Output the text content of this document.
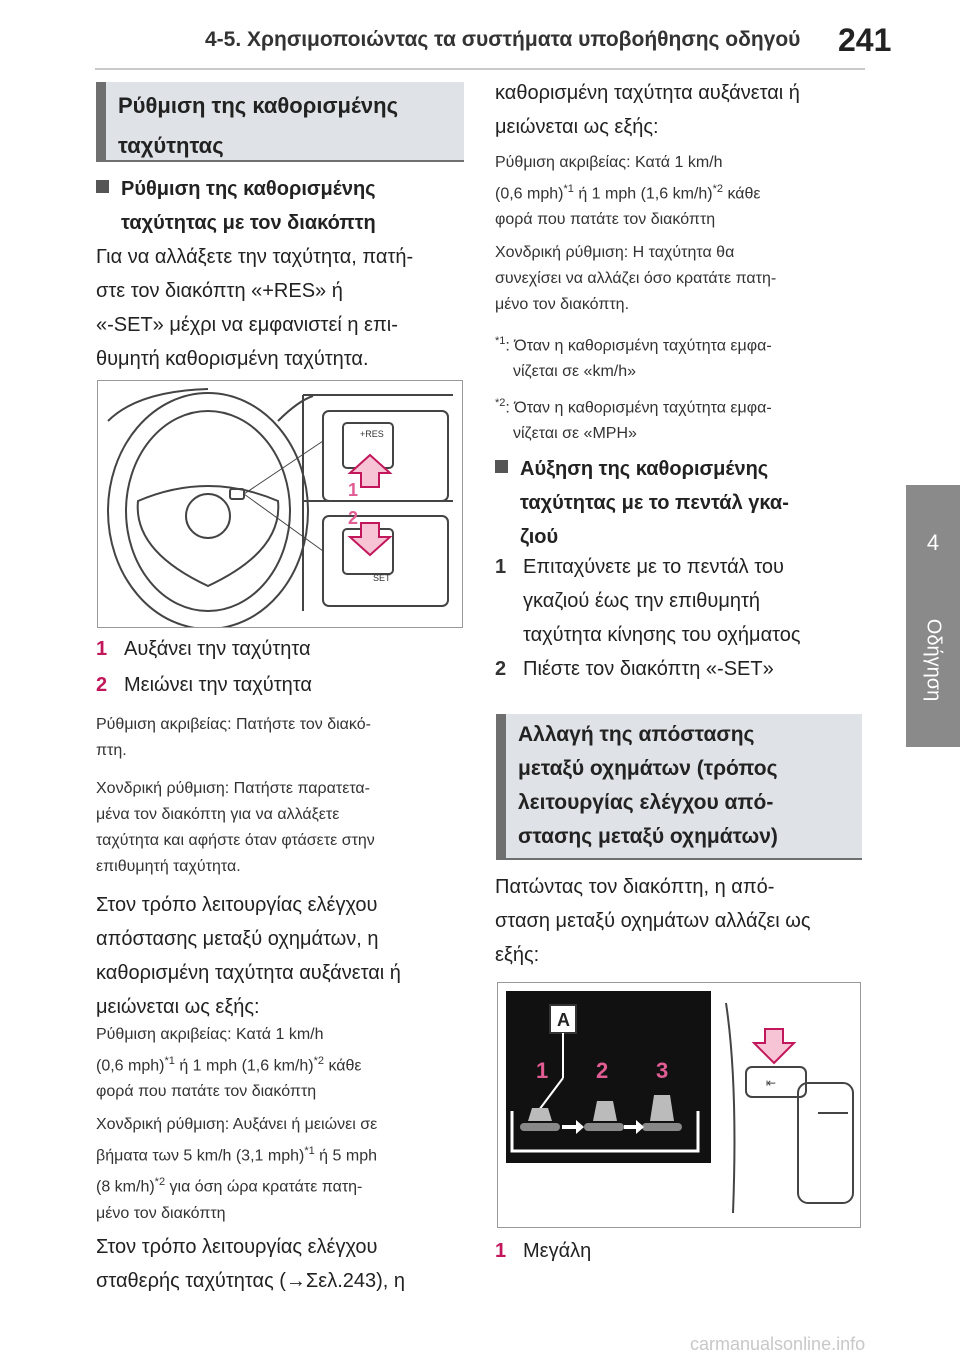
4-5. Χρησιμοποιώντας τα συστήματα υποβοήθησης οδηγού 241
4
Οδήγηση
Ρύθμιση της καθορισμένης
ταχύτητας
Ρύθμιση της καθορισμένης
ταχύτητας με τον διακόπτη
Για να αλλάξετε την ταχύτητα, πατή-
στε τον διακόπτη «+RES» ή
«-SET» μέχρι να εμφανιστεί η επι-
θυμητή καθορισμένη ταχύτητα.
+RES
SET
1
2
1 Αυξάνει την ταχύτητα
2 Μειώνει την ταχύτητα
Ρύθμιση ακριβείας: Πατήστε τον διακό-
πτη.
Χονδρική ρύθμιση: Πατήστε παρατετα-
μένα τον διακόπτη για να αλλάξετε
ταχύτητα και αφήστε όταν φτάσετε στην
επιθυμητή ταχύτητα.
Στον τρόπο λειτουργίας ελέγχου
απόστασης μεταξύ οχημάτων, η
καθορισμένη ταχύτητα αυξάνεται ή
μειώνεται ως εξής:
Ρύθμιση ακριβείας: Κατά 1 km/h
(0,6 mph)$^{*1}$ ή 1 mph (1,6 km/h)$^{*2}$ κάθε
φορά που πατάτε τον διακόπτη
Χονδρική ρύθμιση: Αυξάνει ή μειώνει σε
βήματα των 5 km/h (3,1 mph)$^{*1}$ ή 5 mph
(8 km/h)$^{*2}$ για όση ώρα κρατάτε πατη-
μένο τον διακόπτη
Στον τρόπο λειτουργίας ελέγχου
σταθερής ταχύτητας (→Σελ.243), η
καθορισμένη ταχύτητα αυξάνεται ή
μειώνεται ως εξής:
Ρύθμιση ακριβείας: Κατά 1 km/h
(0,6 mph)$^{*1}$ ή 1 mph (1,6 km/h)$^{*2}$ κάθε
φορά που πατάτε τον διακόπτη
Χονδρική ρύθμιση: Η ταχύτητα θα
συνεχίσει να αλλάζει όσο κρατάτε πατη-
μένο τον διακόπτη.
$^{*1}$: Όταν η καθορισμένη ταχύτητα εμφα-
νίζεται σε «km/h»
$^{*2}$: Όταν η καθορισμένη ταχύτητα εμφα-
νίζεται σε «MPH»
Αύξηση της καθορισμένης
ταχύτητας με το πεντάλ γκα-
ζιού
1 Επιταχύνετε με το πεντάλ του
γκαζιού έως την επιθυμητή
ταχύτητα κίνησης του οχήματος
2 Πιέστε τον διακόπτη «-SET»
Αλλαγή της απόστασης
μεταξύ οχημάτων (τρόπος
λειτουργίας ελέγχου από-
στασης μεταξύ οχημάτων)
Πατώντας τον διακόπτη, η από-
σταση μεταξύ οχημάτων αλλάζει ως
εξής:
A
1 2 3	⇤
1 Μεγάλη
carmanualsonline.info
